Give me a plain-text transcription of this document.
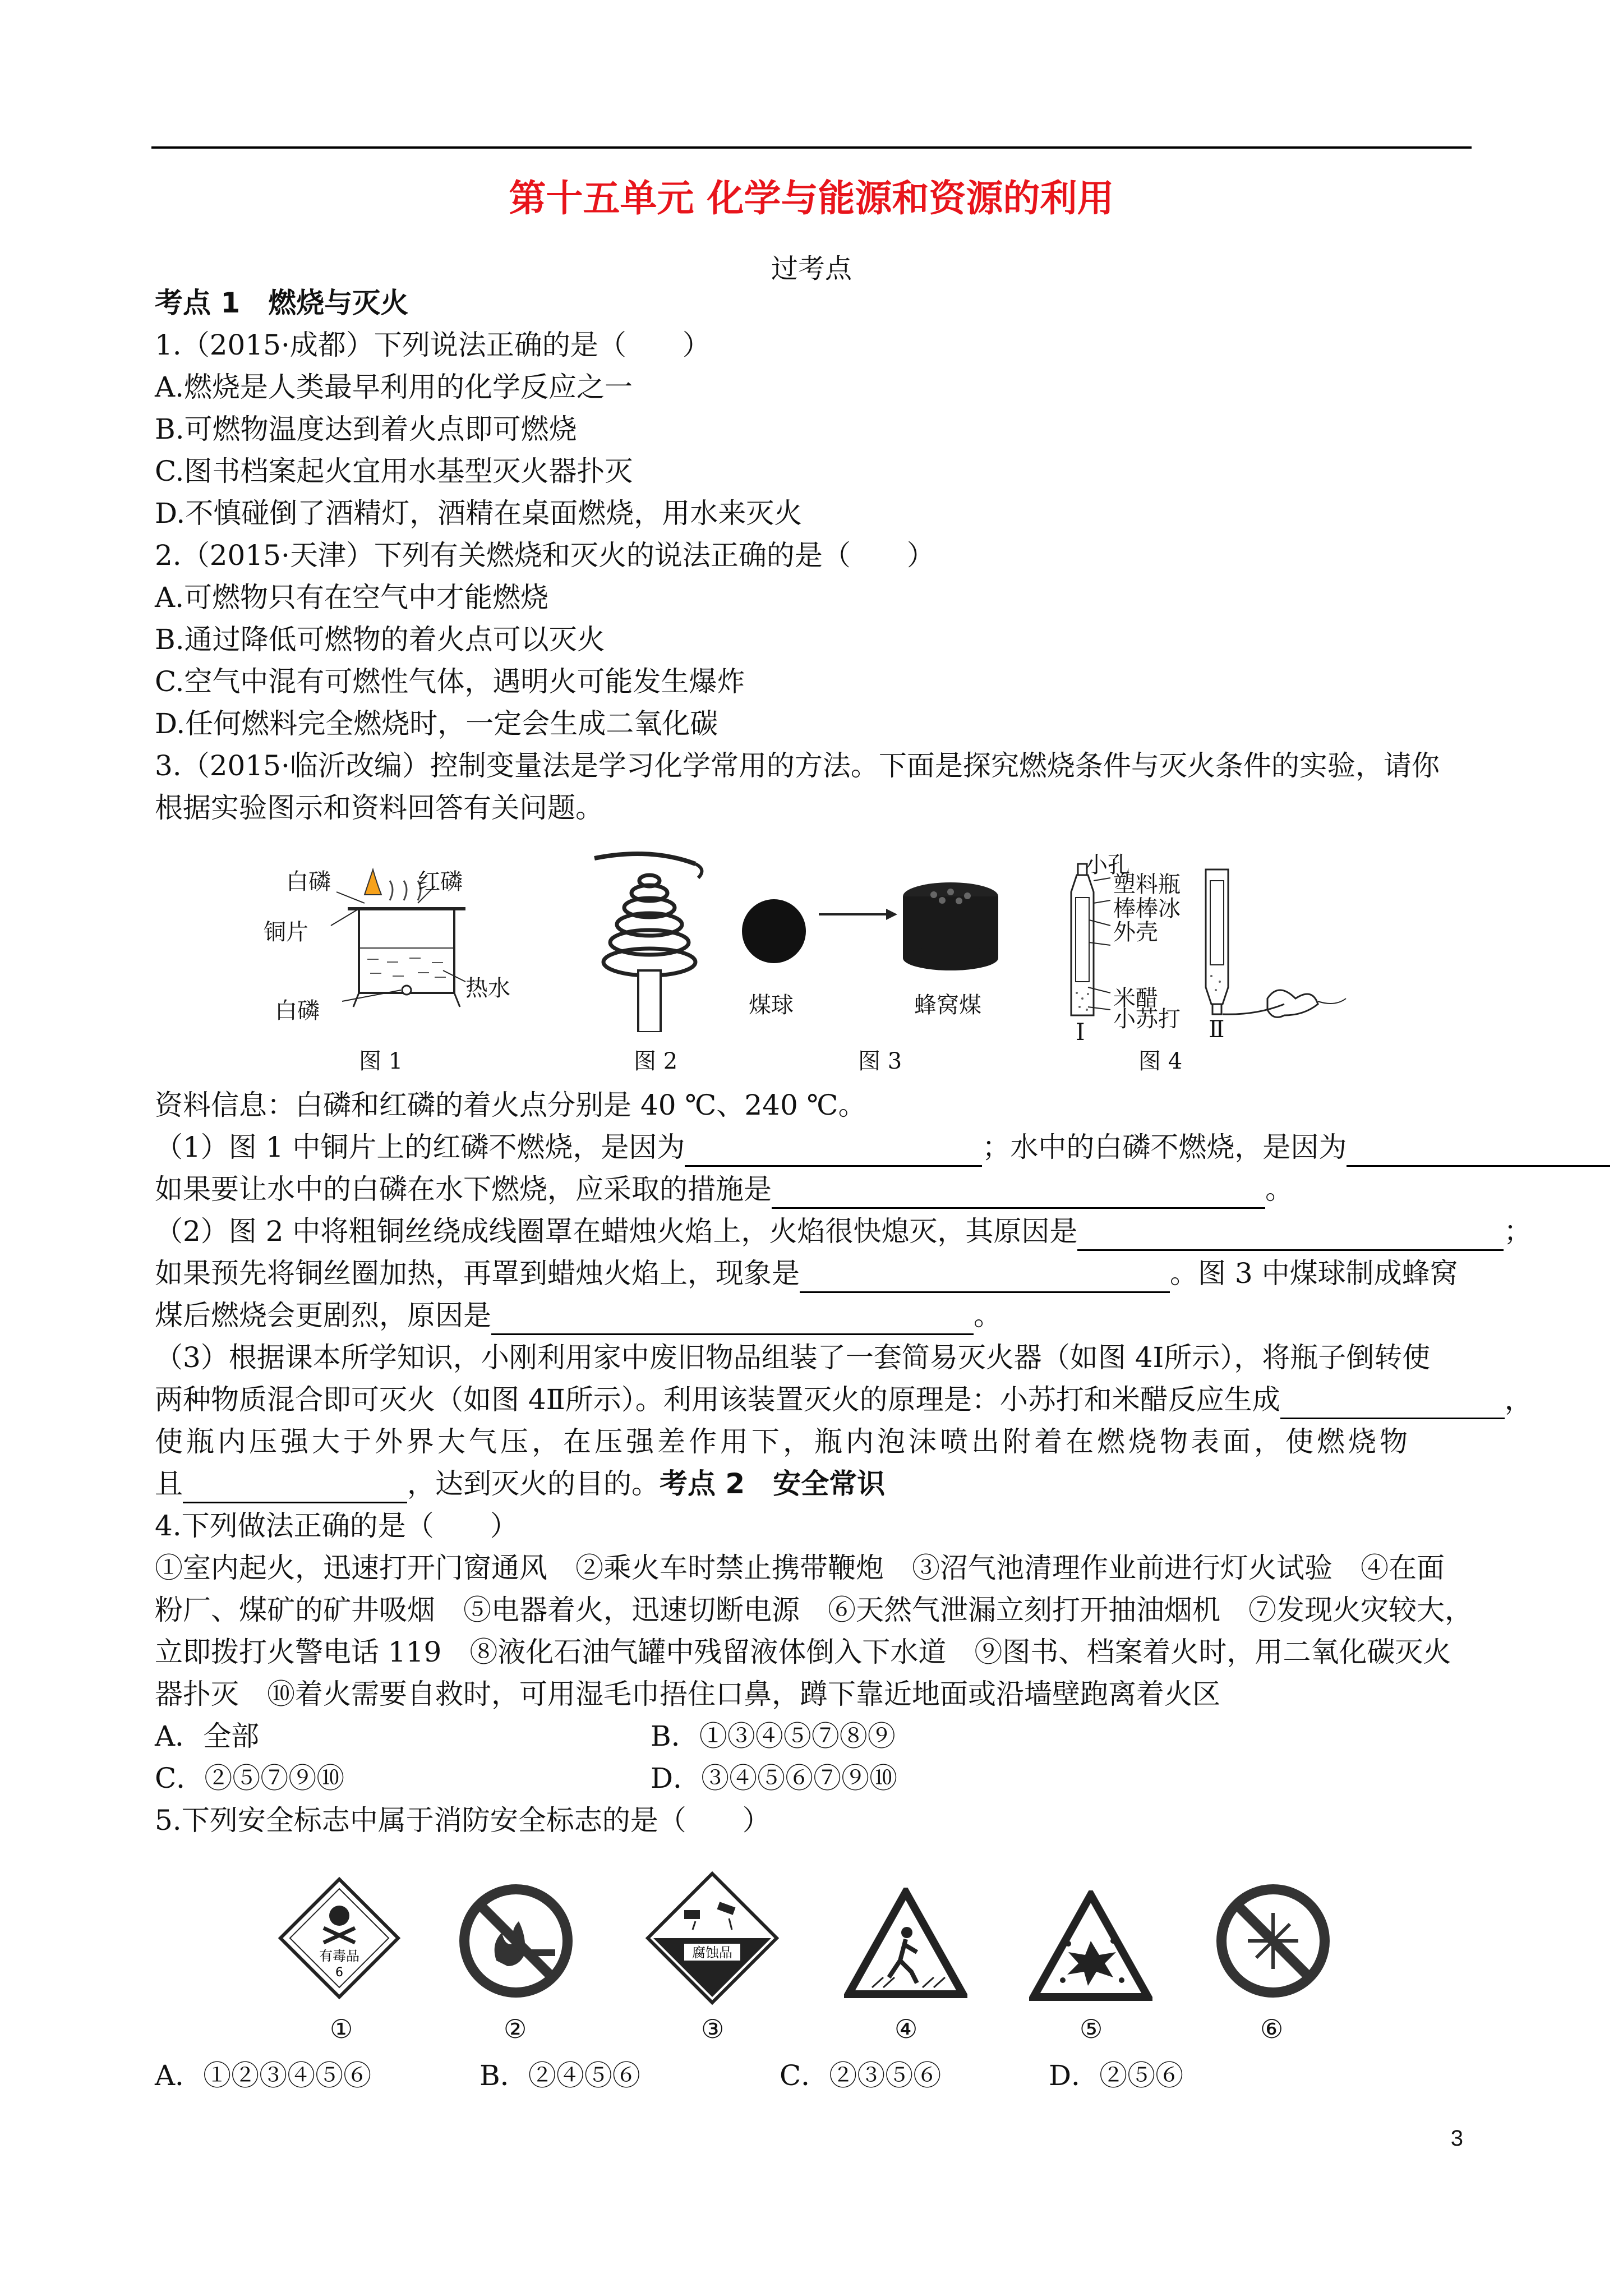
第十五单元 化学与能源和资源的利用
过考点
考点 1　燃烧与灭火
1.（2015·成都）下列说法正确的是（　　）
A.燃烧是人类最早利用的化学反应之一
B.可燃物温度达到着火点即可燃烧
C.图书档案起火宜用水基型灭火器扑灭
D.不慎碰倒了酒精灯，酒精在桌面燃烧，用水来灭火
2.（2015·天津）下列有关燃烧和灭火的说法正确的是（　　）
A.可燃物只有在空气中才能燃烧
B.通过降低可燃物的着火点可以灭火
C.空气中混有可燃性气体，遇明火可能发生爆炸
D.任何燃料完全燃烧时，一定会生成二氧化碳
3.（2015·临沂改编）控制变量法是学习化学常用的方法。下面是探究燃烧条件与灭火条件的实验，请你
根据实验图示和资料回答有关问题。
白磷	红磷
铜片
热水
白磷
图 1	图 2
煤球	蜂窝煤
图 3
小孔
塑料瓶
棒棒冰
外壳
米醋
小苏打
Ⅰ	Ⅱ
图 4
资料信息：白磷和红磷的着火点分别是 40 ℃、240 ℃。
（1）图 1 中铜片上的红磷不燃烧，是因为	；水中的白磷不燃烧，是因为
如果要让水中的白磷在水下燃烧，应采取的措施是	。
（2）图 2 中将粗铜丝绕成线圈罩在蜡烛火焰上，火焰很快熄灭，其原因是	；
如果预先将铜丝圈加热，再罩到蜡烛火焰上，现象是	。图 3 中煤球制成蜂窝
煤后燃烧会更剧烈，原因是	。
（3）根据课本所学知识，小刚利用家中废旧物品组装了一套简易灭火器（如图 4Ⅰ所示），将瓶子倒转使
两种物质混合即可灭火（如图 4Ⅱ所示）。利用该装置灭火的原理是：小苏打和米醋反应生成	，
使瓶内压强大于外界大气压，在压强差作用下，瓶内泡沫喷出附着在燃烧物表面，使燃烧物
且	，达到灭火的目的。考点 2　安全常识
4.下列做法正确的是（　　）
①室内起火，迅速打开门窗通风　②乘火车时禁止携带鞭炮　③沼气池清理作业前进行灯火试验　④在面
粉厂、煤矿的矿井吸烟　⑤电器着火，迅速切断电源　⑥天然气泄漏立刻打开抽油烟机　⑦发现火灾较大，
立即拨打火警电话 119　⑧液化石油气罐中残留液体倒入下水道　⑨图书、档案着火时，用二氧化碳灭火
器扑灭　⑩着火需要自救时，可用湿毛巾捂住口鼻，蹲下靠近地面或沿墙壁跑离着火区
A．全部	B．①③④⑤⑦⑧⑨
C．②⑤⑦⑨⑩	D．③④⑤⑥⑦⑨⑩
5.下列安全标志中属于消防安全标志的是（　　）
有毒品
6
腐蚀品
①	②	③	④	⑤	⑥
A．①②③④⑤⑥	B．②④⑤⑥	C．②③⑤⑥	D．②⑤⑥
3
